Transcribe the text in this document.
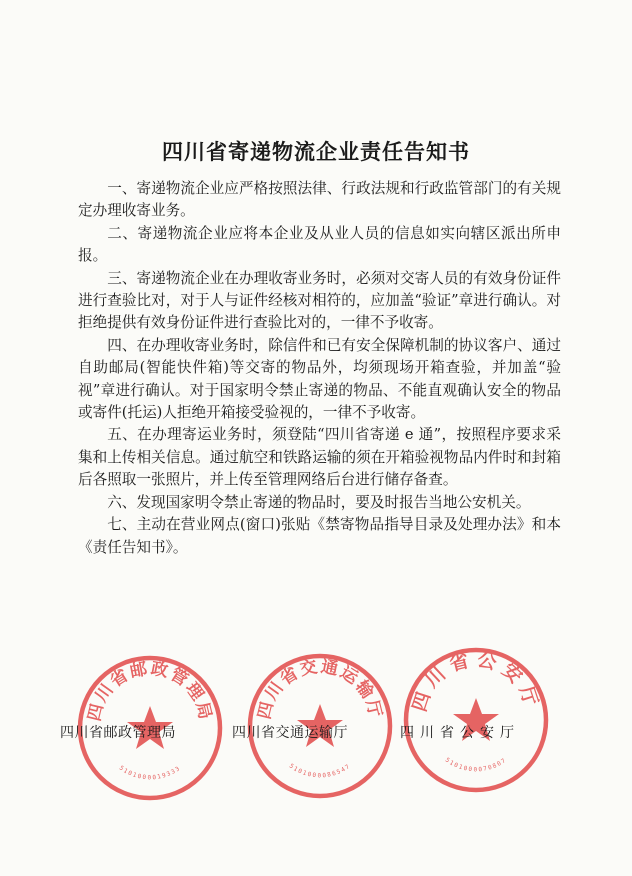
四川省寄递物流企业责任告知书

一、寄递物流企业应严格按照法律、行政法规和行政监管部门的有关规定办理收寄业务。

二、寄递物流企业应将本企业及从业人员的信息如实向辖区派出所申报。

三、寄递物流企业在办理收寄业务时，必须对交寄人员的有效身份证件进行查验比对，对于人与证件经核对相符的，应加盖“验证”章进行确认。对拒绝提供有效身份证件进行查验比对的，一律不予收寄。

四、在办理收寄业务时，除信件和已有安全保障机制的协议客户、通过自助邮局(智能快件箱)等交寄的物品外，均须现场开箱查验，并加盖“验视”章进行确认。对于国家明令禁止寄递的物品、不能直观确认安全的物品或寄件(托运)人拒绝开箱接受验视的，一律不予收寄。

五、在办理寄运业务时，须登陆“四川省寄递 e 通”，按照程序要求采集和上传相关信息。通过航空和铁路运输的须在开箱验视物品内件时和封箱后各照取一张照片，并上传至管理网络后台进行储存备查。

六、发现国家明令禁止寄递的物品时，要及时报告当地公安机关。

七、主动在营业网点(窗口)张贴《禁寄物品指导目录及处理办法》和本《责任告知书》。

四川省邮政管理局
5101000019333
四川省交通运输厅
5101000086547
四川省公安厅
5101000070807
四川省邮政管理局	四川省交通运输厅	四川省公安厅
